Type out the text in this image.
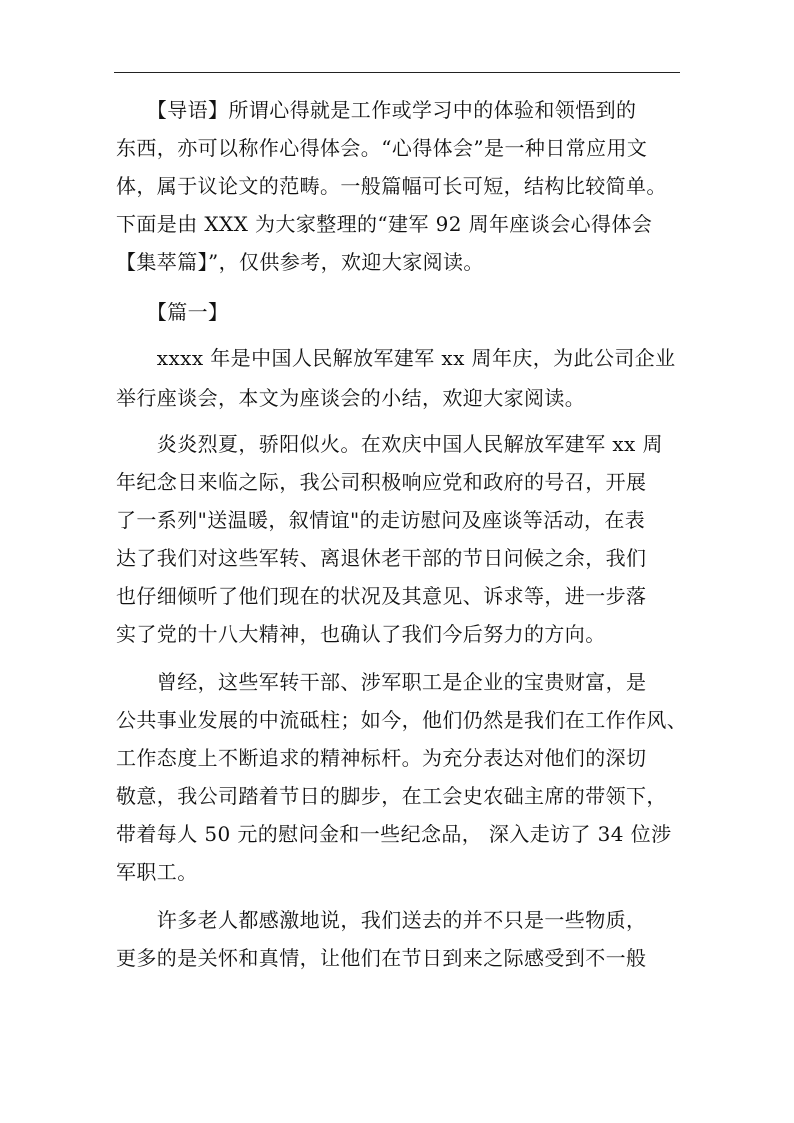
　　【导语】所谓心得就是工作或学习中的体验和领悟到的
东西，亦可以称作心得体会。“心得体会”是一种日常应用文
体，属于议论文的范畴。一般篇幅可长可短，结构比较简单。
下面是由 XXX 为大家整理的“建军 92 周年座谈会心得体会
【集萃篇】”，仅供参考，欢迎大家阅读。
　　【篇一】
　　xxxx 年是中国人民解放军建军 xx 周年庆，为此公司企业
举行座谈会，本文为座谈会的小结，欢迎大家阅读。
　　炎炎烈夏，骄阳似火。在欢庆中国人民解放军建军 xx 周
年纪念日来临之际，我公司积极响应党和政府的号召，开展
了一系列"送温暖，叙情谊"的走访慰问及座谈等活动，在表
达了我们对这些军转、离退休老干部的节日问候之余，我们
也仔细倾听了他们现在的状况及其意见、诉求等，进一步落
实了党的十八大精神，也确认了我们今后努力的方向。
　　曾经，这些军转干部、涉军职工是企业的宝贵财富，是
公共事业发展的中流砥柱；如今，他们仍然是我们在工作作风、
工作态度上不断追求的精神标杆。为充分表达对他们的深切
敬意，我公司踏着节日的脚步，在工会史农础主席的带领下，
带着每人 50 元的慰问金和一些纪念品， 深入走访了 34 位涉
军职工。
　　许多老人都感激地说，我们送去的并不只是一些物质，
更多的是关怀和真情，让他们在节日到来之际感受到不一般
